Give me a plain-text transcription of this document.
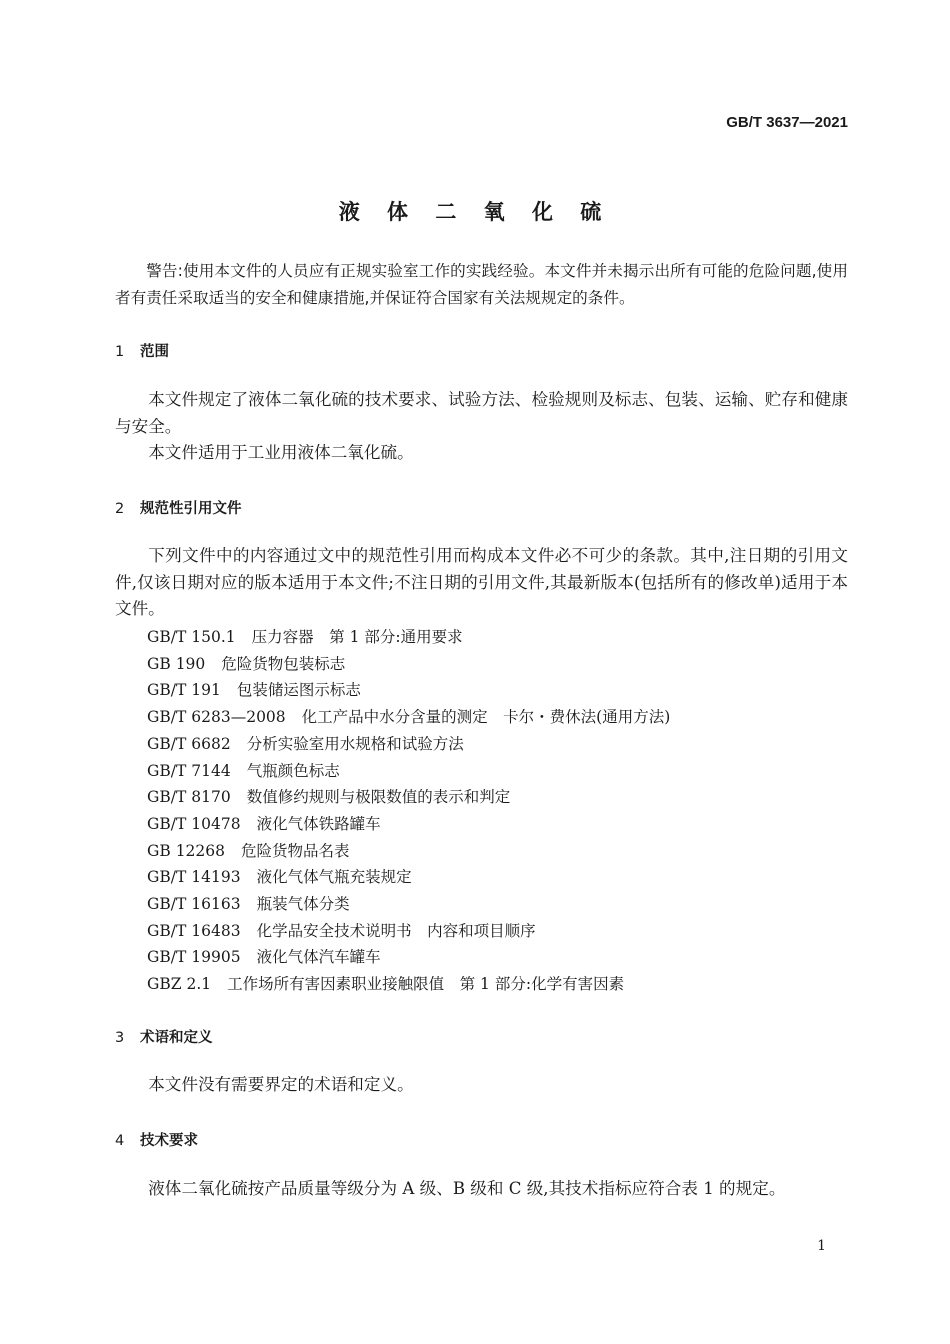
GB/T 3637—2021
液 体 二 氧 化 硫
警告:使用本文件的人员应有正规实验室工作的实践经验。本文件并未揭示出所有可能的危险问题,使用者有责任采取适当的安全和健康措施,并保证符合国家有关法规规定的条件。
1 范围
本文件规定了液体二氧化硫的技术要求、试验方法、检验规则及标志、包装、运输、贮存和健康与安全。
本文件适用于工业用液体二氧化硫。
2 规范性引用文件
下列文件中的内容通过文中的规范性引用而构成本文件必不可少的条款。其中,注日期的引用文件,仅该日期对应的版本适用于本文件;不注日期的引用文件,其最新版本(包括所有的修改单)适用于本文件。
GB/T 150.1 压力容器　第 1 部分:通用要求
GB 190 危险货物包装标志
GB/T 191 包装储运图示标志
GB/T 6283—2008 化工产品中水分含量的测定　卡尔・费休法(通用方法)
GB/T 6682 分析实验室用水规格和试验方法
GB/T 7144 气瓶颜色标志
GB/T 8170 数值修约规则与极限数值的表示和判定
GB/T 10478 液化气体铁路罐车
GB 12268 危险货物品名表
GB/T 14193 液化气体气瓶充装规定
GB/T 16163 瓶装气体分类
GB/T 16483 化学品安全技术说明书　内容和项目顺序
GB/T 19905 液化气体汽车罐车
GBZ 2.1 工作场所有害因素职业接触限值　第 1 部分:化学有害因素
3 术语和定义
本文件没有需要界定的术语和定义。
4 技术要求
液体二氧化硫按产品质量等级分为 A 级、B 级和 C 级,其技术指标应符合表 1 的规定。
1
